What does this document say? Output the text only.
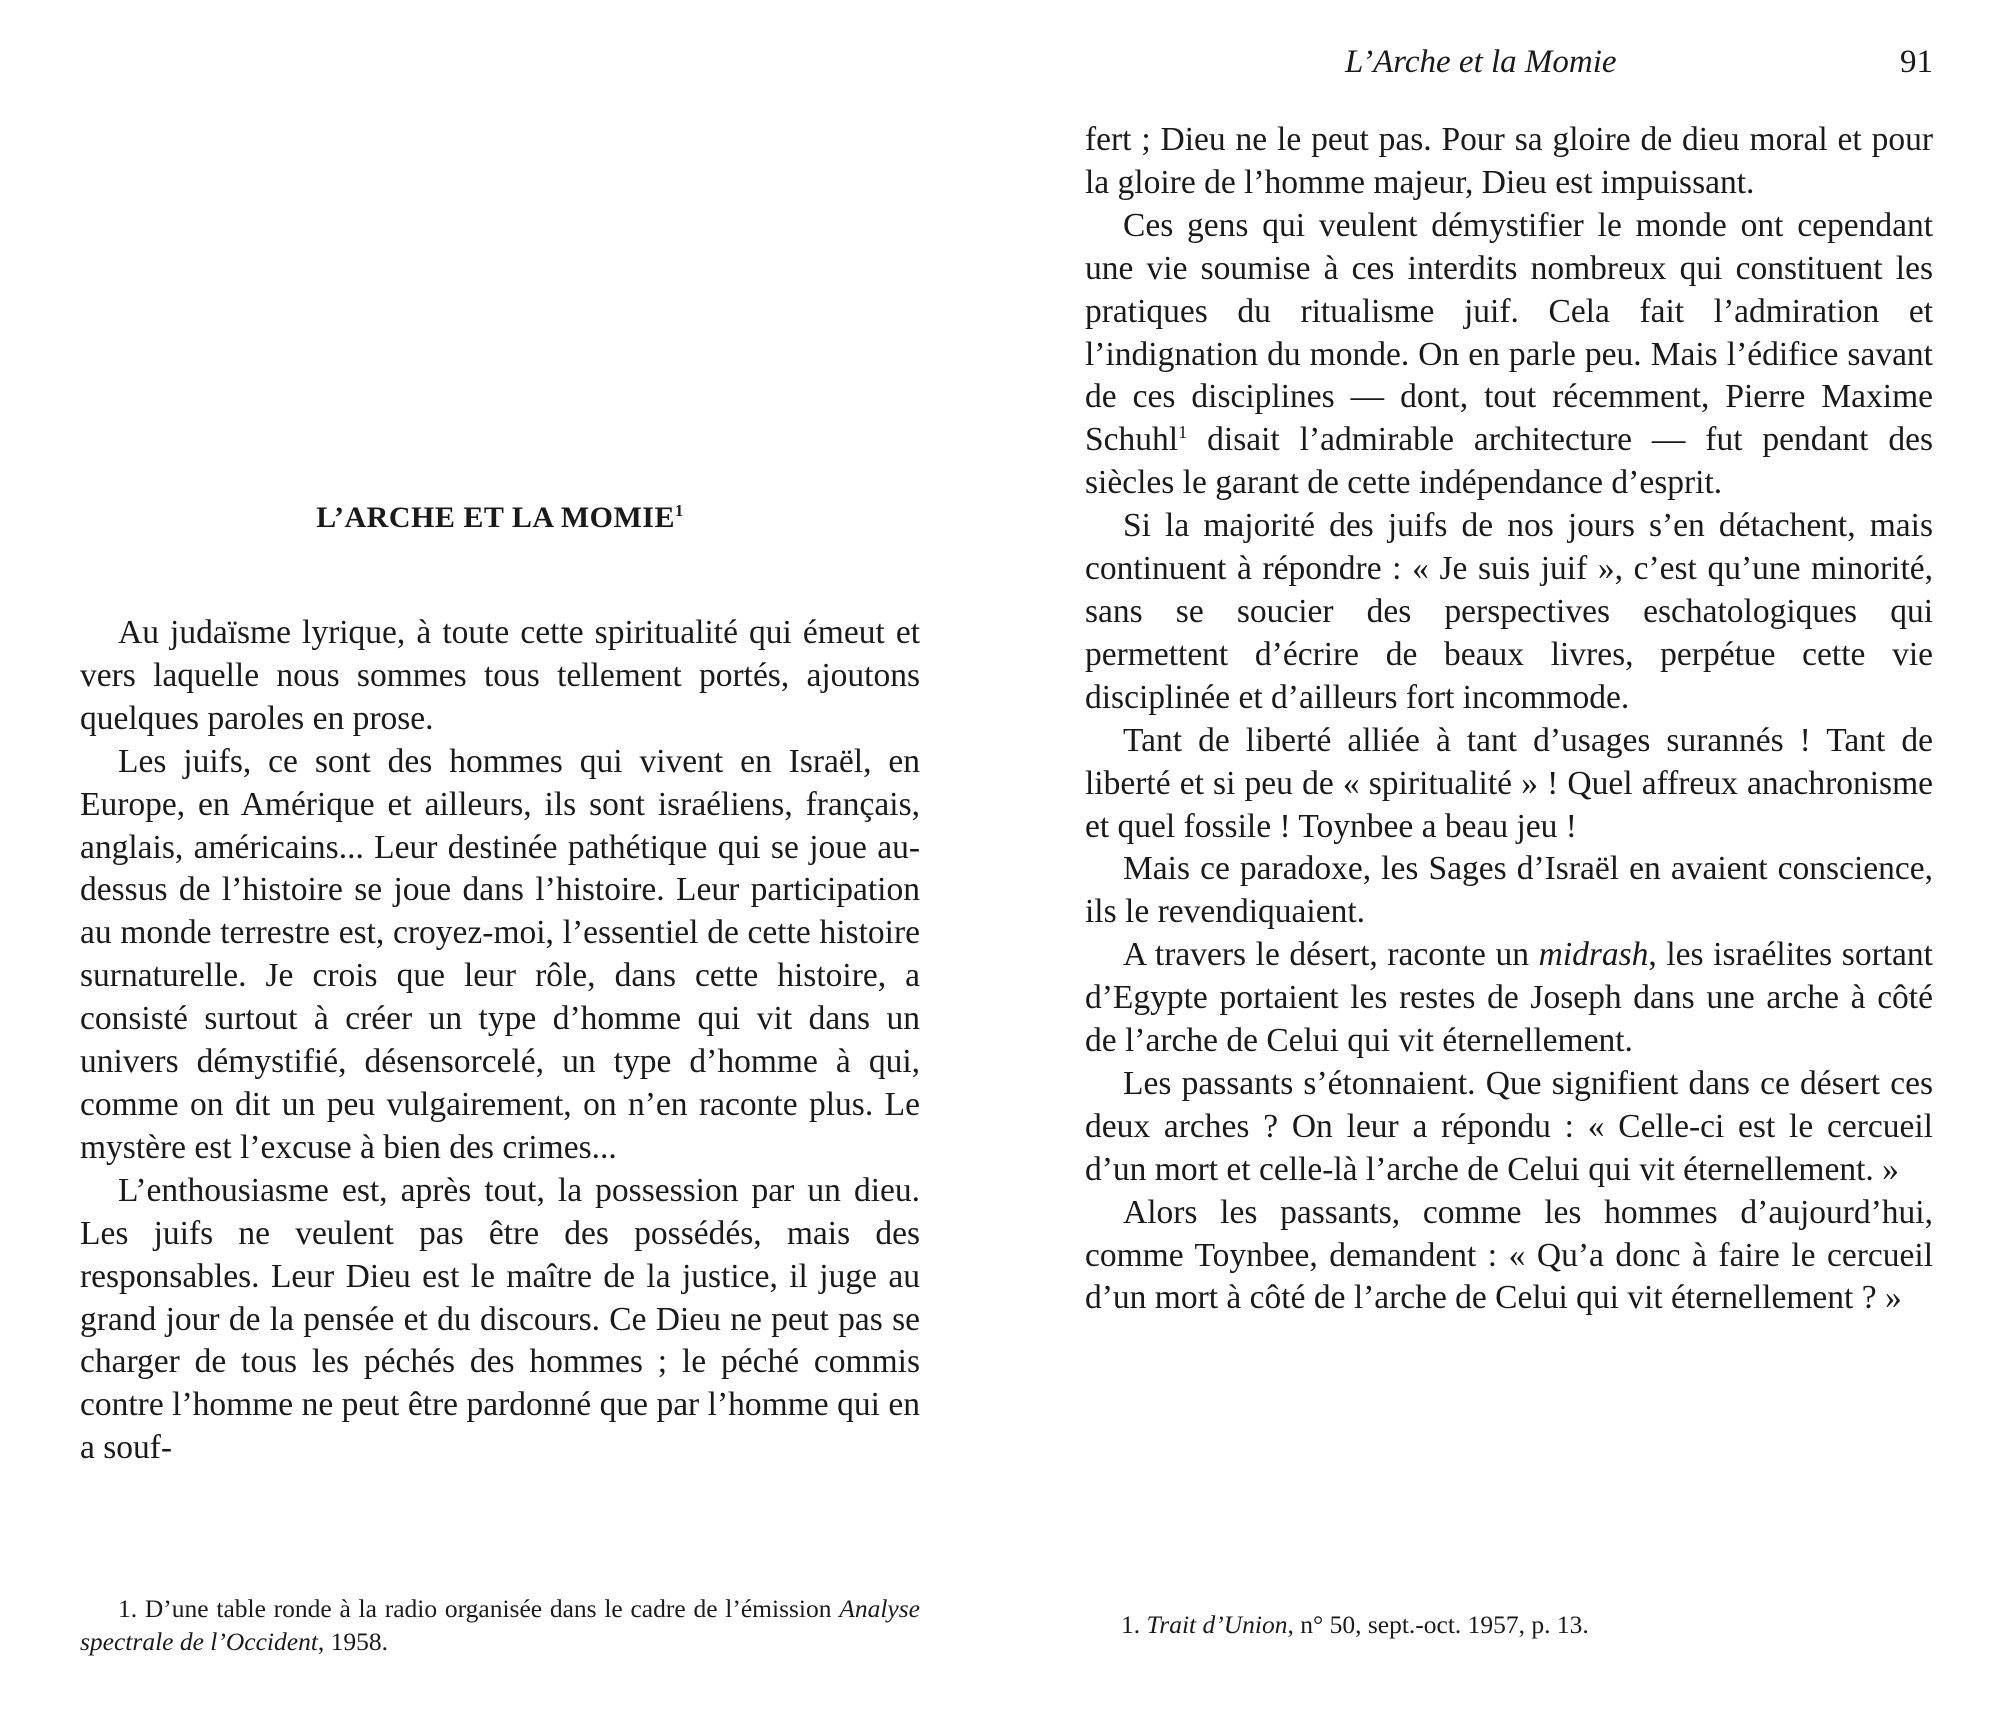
L’ARCHE ET LA MOMIE$^1$

Au judaïsme lyrique, à toute cette spiritualité qui émeut et vers laquelle nous sommes tous tellement portés, ajoutons quelques paroles en prose.

Les juifs, ce sont des hommes qui vivent en Israël, en Europe, en Amérique et ailleurs, ils sont israéliens, français, anglais, américains... Leur destinée pathétique qui se joue au-dessus de l’histoire se joue dans l’histoire. Leur participation au monde terrestre est, croyez-moi, l’essentiel de cette histoire surnaturelle. Je crois que leur rôle, dans cette histoire, a consisté surtout à créer un type d’homme qui vit dans un univers démystifié, désensorcelé, un type d’homme à qui, comme on dit un peu vulgairement, on n’en raconte plus. Le mystère est l’excuse à bien des crimes...

L’enthousiasme est, après tout, la possession par un dieu. Les juifs ne veulent pas être des possédés, mais des responsables. Leur Dieu est le maître de la justice, il juge au grand jour de la pensée et du discours. Ce Dieu ne peut pas se charger de tous les péchés des hommes ; le péché commis contre l’homme ne peut être pardonné que par l’homme qui en a souf-

1. D’une table ronde à la radio organisée dans le cadre de l’émission Analyse spectrale de l’Occident, 1958.

L’Arche et la Momie	91

fert ; Dieu ne le peut pas. Pour sa gloire de dieu moral et pour la gloire de l’homme majeur, Dieu est impuissant.

Ces gens qui veulent démystifier le monde ont cependant une vie soumise à ces interdits nombreux qui constituent les pratiques du ritualisme juif. Cela fait l’admiration et l’indignation du monde. On en parle peu. Mais l’édifice savant de ces disciplines — dont, tout récemment, Pierre Maxime Schuhl$^1$ disait l’admirable architecture — fut pendant des siècles le garant de cette indépendance d’esprit.

Si la majorité des juifs de nos jours s’en détachent, mais continuent à répondre : « Je suis juif », c’est qu’une minorité, sans se soucier des perspectives eschatologiques qui permettent d’écrire de beaux livres, perpétue cette vie disciplinée et d’ailleurs fort incommode.

Tant de liberté alliée à tant d’usages surannés ! Tant de liberté et si peu de « spiritualité » ! Quel affreux anachronisme et quel fossile ! Toynbee a beau jeu !

Mais ce paradoxe, les Sages d’Israël en avaient conscience, ils le revendiquaient.

A travers le désert, raconte un midrash, les israélites sortant d’Egypte portaient les restes de Joseph dans une arche à côté de l’arche de Celui qui vit éternellement.

Les passants s’étonnaient. Que signifient dans ce désert ces deux arches ? On leur a répondu : « Celle-ci est le cercueil d’un mort et celle-là l’arche de Celui qui vit éternellement. »

Alors les passants, comme les hommes d’aujourd’hui, comme Toynbee, demandent : « Qu’a donc à faire le cercueil d’un mort à côté de l’arche de Celui qui vit éternellement ? »

1. Trait d’Union, n° 50, sept.-oct. 1957, p. 13.
